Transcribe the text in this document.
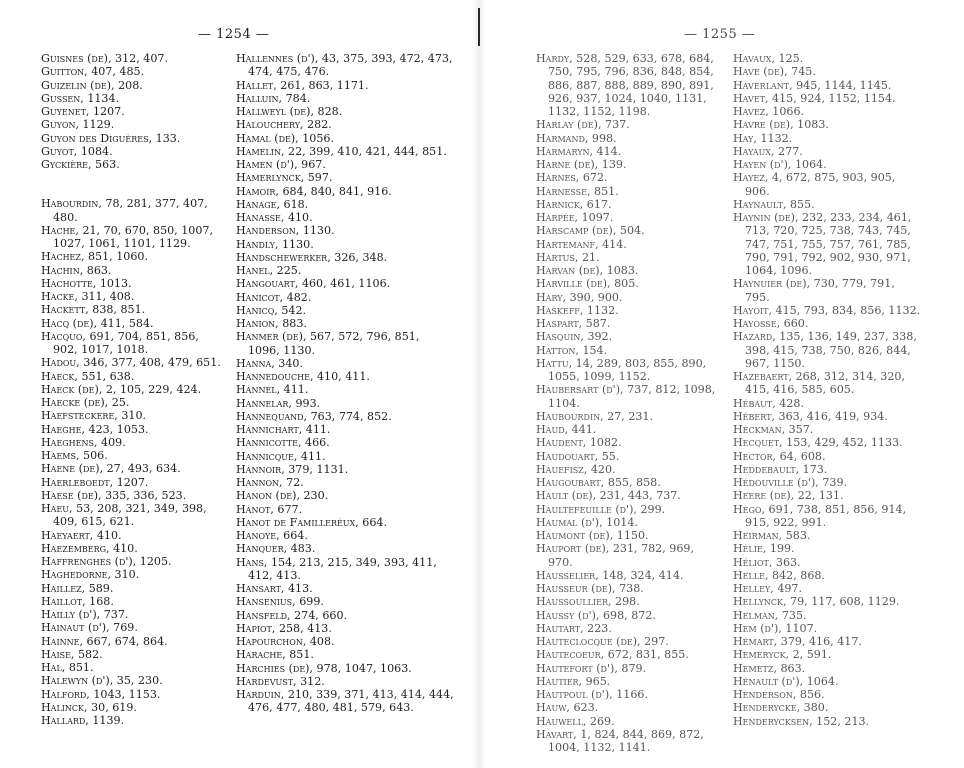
— 1254 —	— 1255 —
Guisnes (de), 312, 407.
Guitton, 407, 485.
Guizelin (de), 208.
Gussen, 1134.
Guyenet, 1207.
Guyon, 1129.
Guyon des Diguères, 133.
Guyot, 1084.
Gyckière, 563.
Habourdin, 78, 281, 377, 407, 480.
Hache, 21, 70, 670, 850, 1007, 1027, 1061, 1101, 1129.
Hachez, 851, 1060.
Hachin, 863.
Hachotte, 1013.
Hacke, 311, 408.
Hackett, 838, 851.
Hacq (de), 411, 584.
Hacquo, 691, 704, 851, 856, 902, 1017, 1018.
Hadou, 346, 377, 408, 479, 651.
Haeck, 551, 638.
Haeck (de), 2, 105, 229, 424.
Haecke (de), 25.
Haefsteckere, 310.
Haeghe, 423, 1053.
Haeghens, 409.
Haems, 506.
Haene (de), 27, 493, 634.
Haerleboedt, 1207.
Haese (de), 335, 336, 523.
Haeu, 53, 208, 321, 349, 398, 409, 615, 621.
Haeyaert, 410.
Haezemberg, 410.
Haffrenghes (d'), 1205.
Haghedorne, 310.
Haillez, 589.
Haillot, 168.
Hailly (d'), 737.
Hainaut (d'), 769.
Hainne, 667, 674, 864.
Haise, 582.
Hal, 851.
Halewyn (d'), 35, 230.
Halford, 1043, 1153.
Halinck, 30, 619.
Hallard, 1139.
Hallennes (d'), 43, 375, 393, 472, 473, 474, 475, 476.
Hallet, 261, 863, 1171.
Halluin, 784.
Hallweyl (de), 828.
Halouchery, 282.
Hamal (de), 1056.
Hamelin, 22, 399, 410, 421, 444, 851.
Hamen (d'), 967.
Hamerlynck, 597.
Hamoir, 684, 840, 841, 916.
Hanage, 618.
Hanasse, 410.
Handerson, 1130.
Handly, 1130.
Handschewerker, 326, 348.
Hanel, 225.
Hangouart, 460, 461, 1106.
Hanicot, 482.
Hanicq, 542.
Hanion, 883.
Hanmer (de), 567, 572, 796, 851, 1096, 1130.
Hanna, 340.
Hannedouche, 410, 411.
Hannel, 411.
Hannelar, 993.
Hannequand, 763, 774, 852.
Hannichart, 411.
Hannicotte, 466.
Hannicque, 411.
Hannoir, 379, 1131.
Hannon, 72.
Hanon (de), 230.
Hanot, 677.
Hanot de Familleréux, 664.
Hanoye, 664.
Hanquer, 483.
Hans, 154, 213, 215, 349, 393, 411, 412, 413.
Hansart, 413.
Hansenius, 699.
Hansfeld, 274, 660.
Hapiot, 258, 413.
Hapourchon, 408.
Harache, 851.
Harchies (de), 978, 1047, 1063.
Hardevust, 312.
Harduin, 210, 339, 371, 413, 414, 444, 476, 477, 480, 481, 579, 643.
Hardy, 528, 529, 633, 678, 684, 750, 795, 796, 836, 848, 854, 886, 887, 888, 889, 890, 891, 926, 937, 1024, 1040, 1131, 1132, 1152, 1198.
Harlay (de), 737.
Harmand, 998.
Harmaryn, 414.
Harne (de), 139.
Harnes, 672.
Harnesse, 851.
Harnick, 617.
Harpée, 1097.
Harscamp (de), 504.
Hartemanf, 414.
Hartus, 21.
Harvan (de), 1083.
Harville (de), 805.
Hary, 390, 900.
Haskeff, 1132.
Haspart, 587.
Hasquin, 392.
Hatton, 154.
Hattu, 14, 289, 803, 855, 890, 1055, 1099, 1152.
Haubersart (d'), 737, 812, 1098, 1104.
Haubourdin, 27, 231.
Haud, 441.
Haudent, 1082.
Haudouart, 55.
Hauefisz, 420.
Haugoubart, 855, 858.
Hault (de), 231, 443, 737.
Haultefeuille (d'), 299.
Haumal (d'), 1014.
Haumont (de), 1150.
Hauport (de), 231, 782, 969, 970.
Hausselier, 148, 324, 414.
Hausseur (de), 738.
Haussoullier, 298.
Haussy (d'), 698, 872.
Hautart, 223.
Hauteclocque (de), 297.
Hautecoeur, 672, 831, 855.
Hautefort (d'), 879.
Hautier, 965.
Hautpoul (d'), 1166.
Hauw, 623.
Hauwell, 269.
Havart, 1, 824, 844, 869, 872, 1004, 1132, 1141.
Havaux, 125.
Have (de), 745.
Haverlant, 945, 1144, 1145.
Havet, 415, 924, 1152, 1154.
Havez, 1066.
Havre (de), 1083.
Hay, 1132.
Hayaux, 277.
Hayen (d'), 1064.
Hayez, 4, 672, 875, 903, 905, 906.
Haynault, 855.
Haynin (de), 232, 233, 234, 461, 713, 720, 725, 738, 743, 745, 747, 751, 755, 757, 761, 785, 790, 791, 792, 902, 930, 971, 1064, 1096.
Haynuier (de), 730, 779, 791, 795.
Hayoit, 415, 793, 834, 856, 1132.
Hayosse, 660.
Hazard, 135, 136, 149, 237, 338, 398, 415, 738, 750, 826, 844, 967, 1150.
Hazebaert, 268, 312, 314, 320, 415, 416, 585, 605.
Hébaut, 428.
Hébert, 363, 416, 419, 934.
Heckman, 357.
Hecquet, 153, 429, 452, 1133.
Hector, 64, 608.
Heddebault, 173.
Hédouville (d'), 739.
Heere (de), 22, 131.
Hego, 691, 738, 851, 856, 914, 915, 922, 991.
Heirman, 583.
Hélie, 199.
Héliot, 363.
Helle, 842, 868.
Helley, 497.
Hellynck, 79, 117, 608, 1129.
Helman, 735.
Hem (d'), 1107.
Hémart, 379, 416, 417.
Hemeryck, 2, 591.
Hemetz, 863.
Hénault (d'), 1064.
Henderson, 856.
Henderycke, 380.
Henderycksen, 152, 213.
